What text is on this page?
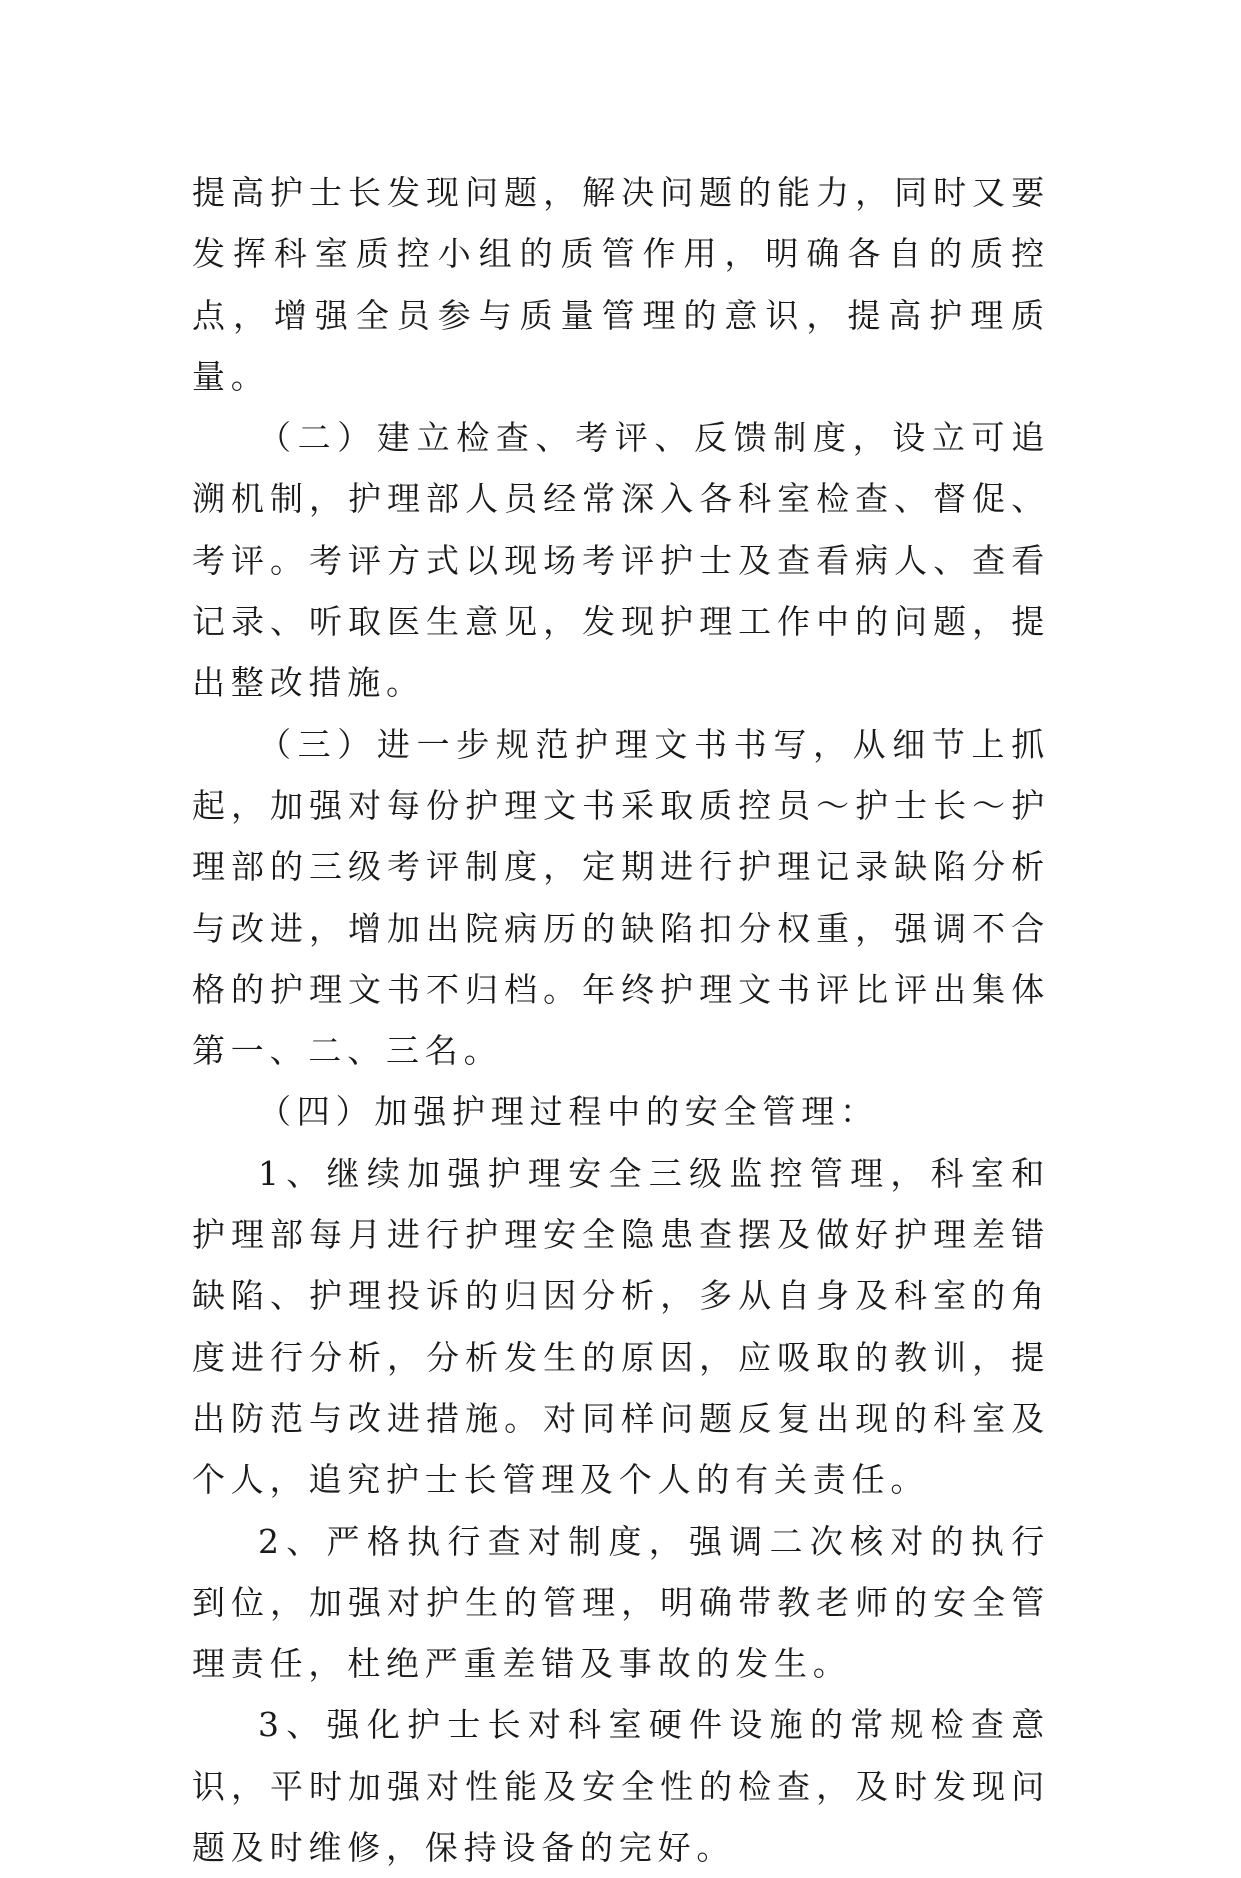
提高护士长发现问题，解决问题的能力，同时又要发挥科室质控小组的质管作用，明确各自的质控点，增强全员参与质量管理的意识，提高护理质量。

（二）建立检查、考评、反馈制度，设立可追溯机制，护理部人员经常深入各科室检查、督促、考评。考评方式以现场考评护士及查看病人、查看记录、听取医生意见，发现护理工作中的问题，提出整改措施。

（三）进一步规范护理文书书写，从细节上抓起，加强对每份护理文书采取质控员～护士长～护理部的三级考评制度，定期进行护理记录缺陷分析与改进，增加出院病历的缺陷扣分权重，强调不合格的护理文书不归档。年终护理文书评比评出集体第一、二、三名。

（四）加强护理过程中的安全管理：

1、继续加强护理安全三级监控管理，科室和护理部每月进行护理安全隐患查摆及做好护理差错缺陷、护理投诉的归因分析，多从自身及科室的角度进行分析，分析发生的原因，应吸取的教训，提出防范与改进措施。对同样问题反复出现的科室及个人，追究护士长管理及个人的有关责任。

2、严格执行查对制度，强调二次核对的执行到位，加强对护生的管理，明确带教老师的安全管理责任，杜绝严重差错及事故的发生。

3、强化护士长对科室硬件设施的常规检查意识，平时加强对性能及安全性的检查，及时发现问题及时维修，保持设备的完好。
